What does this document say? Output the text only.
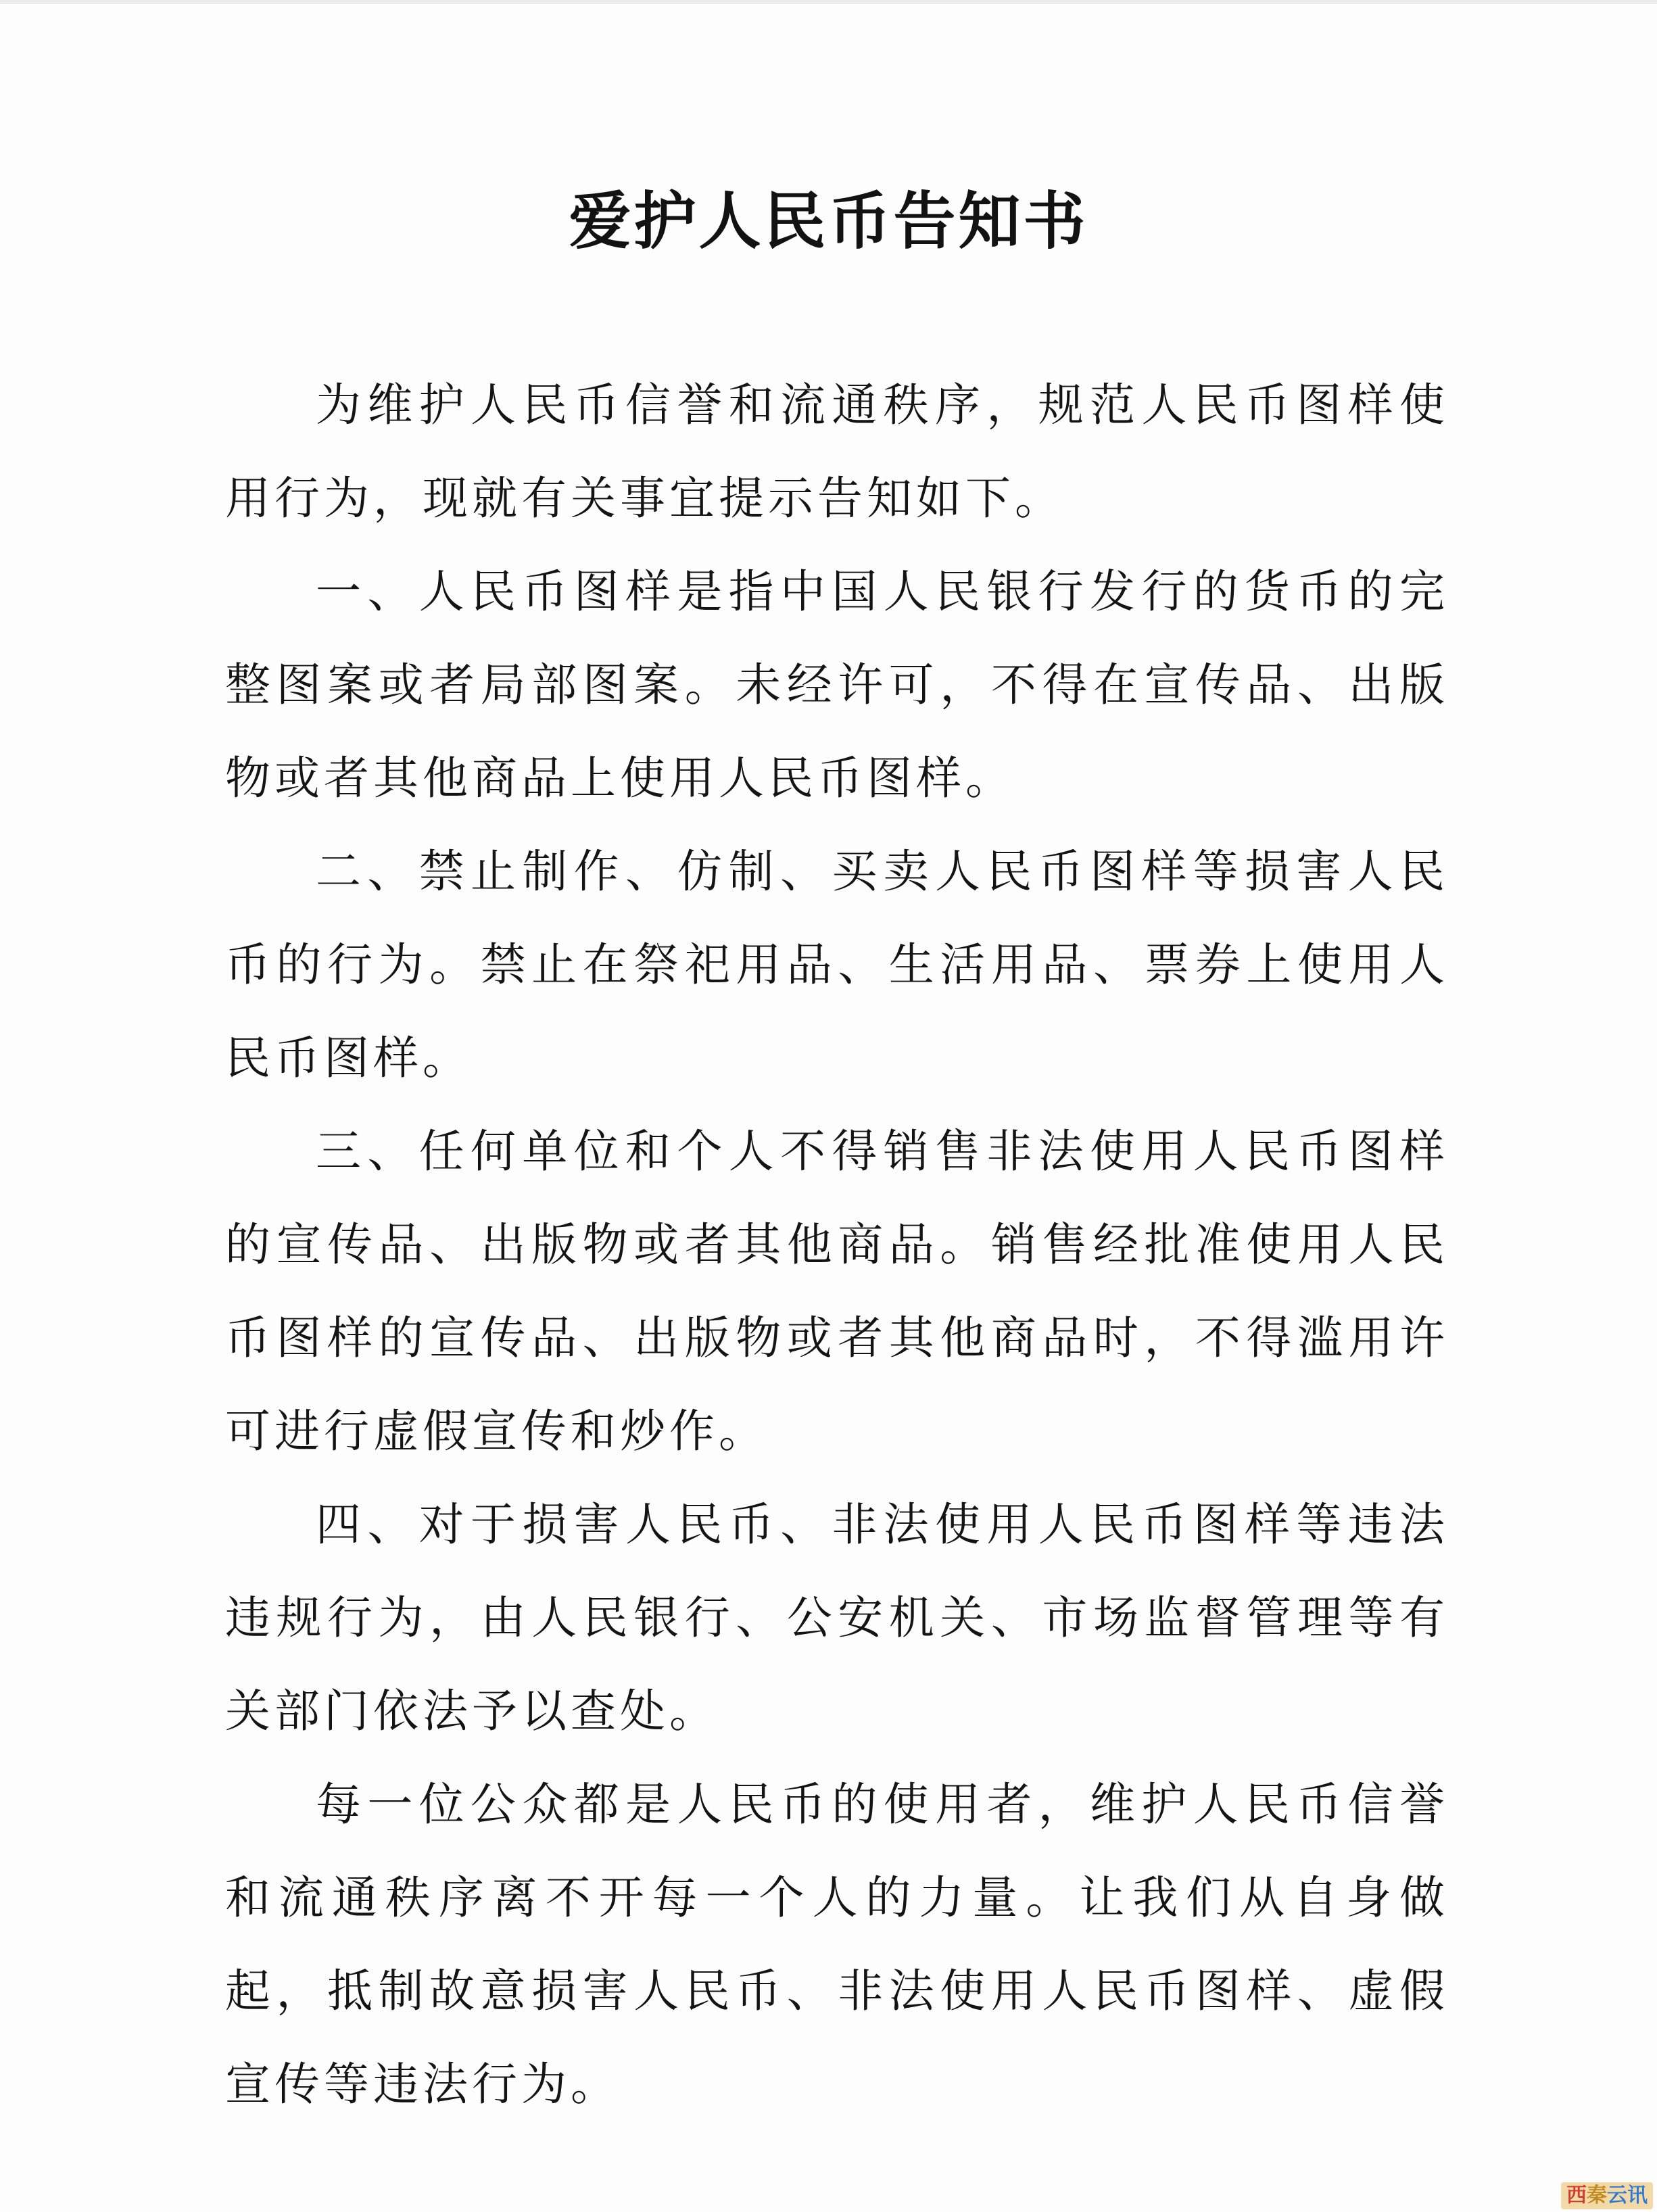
爱护人民币告知书

为维护人民币信誉和流通秩序，规范人民币图样使用行为，现就有关事宜提示告知如下。

一、人民币图样是指中国人民银行发行的货币的完整图案或者局部图案。未经许可，不得在宣传品、出版物或者其他商品上使用人民币图样。

二、禁止制作、仿制、买卖人民币图样等损害人民币的行为。禁止在祭祀用品、生活用品、票券上使用人民币图样。

三、任何单位和个人不得销售非法使用人民币图样的宣传品、出版物或者其他商品。销售经批准使用人民币图样的宣传品、出版物或者其他商品时，不得滥用许可进行虚假宣传和炒作。

四、对于损害人民币、非法使用人民币图样等违法违规行为，由人民银行、公安机关、市场监督管理等有关部门依法予以查处。

每一位公众都是人民币的使用者，维护人民币信誉和流通秩序离不开每一个人的力量。让我们从自身做起，抵制故意损害人民币、非法使用人民币图样、虚假宣传等违法行为。

西秦云讯
